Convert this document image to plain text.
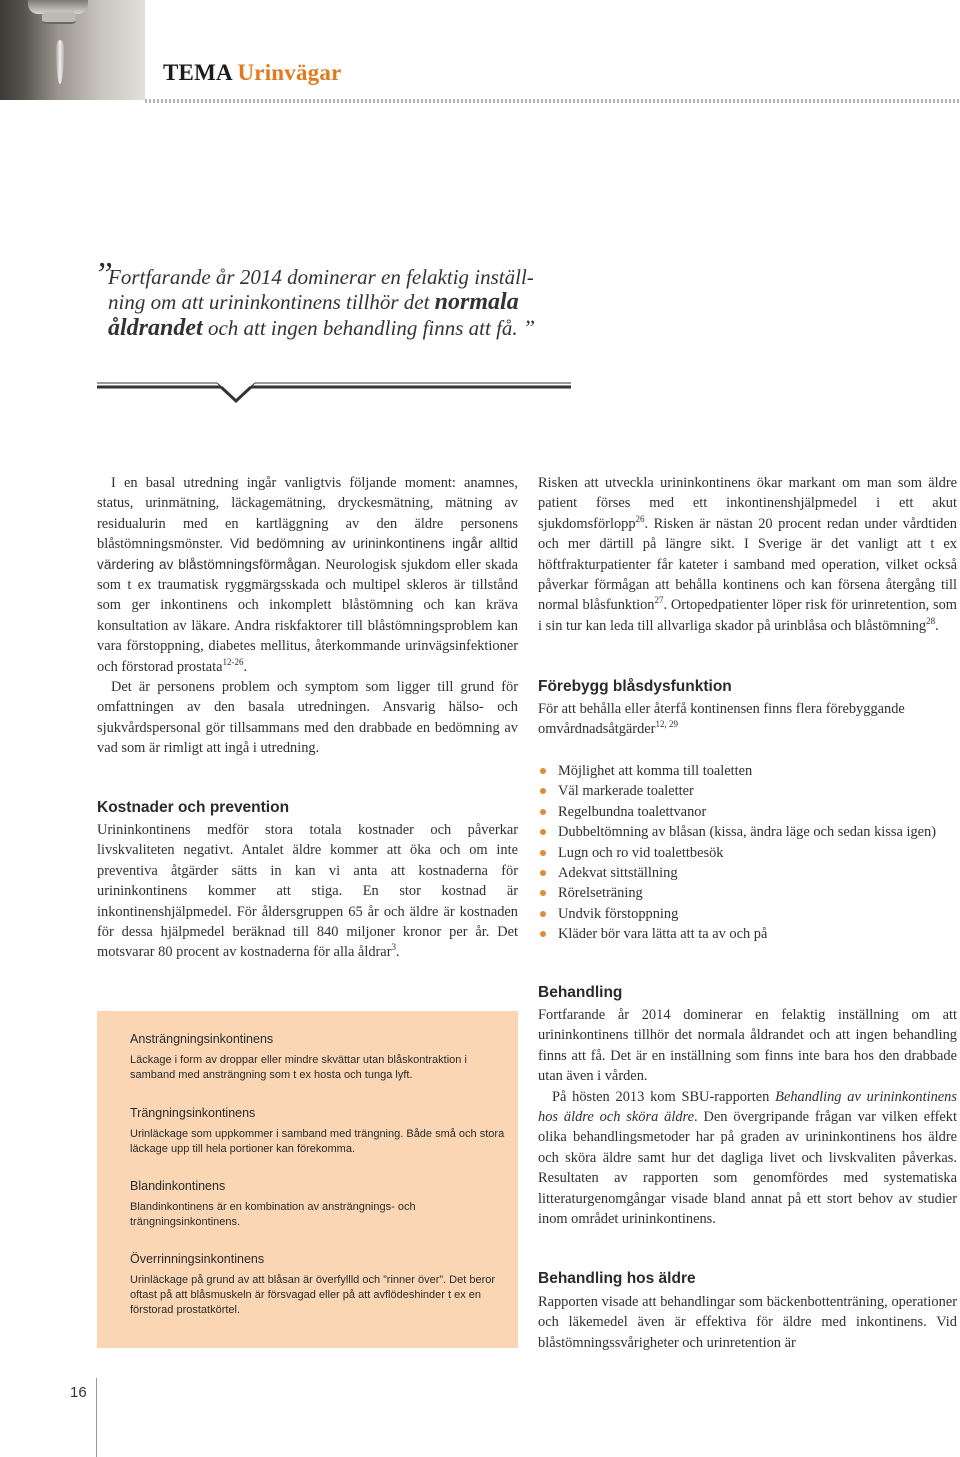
TEMA Urinvägar
”
Fortfarande år 2014 dominerar en felaktig inställ-
ning om att urininkontinens tillhör det normala
åldrandet och att ingen behandling finns att få. ”

I en basal utredning ingår vanligtvis följande moment: anamnes, status, urinmätning, läckagemätning, dryckesmätning, mätning av residualurin med en kartläggning av den äldre personens blåstömningsmönster. Vid bedömning av urininkontinens ingår alltid värdering av blåstömningsförmågan. Neurologisk sjukdom eller skada som t ex traumatisk ryggmärgsskada och multipel skleros är tillstånd som ger inkontinens och inkomplett blåstömning och kan kräva konsultation av läkare. Andra riskfaktorer till blåstömningsproblem kan vara förstoppning, diabetes mellitus, återkommande urinvägsinfektioner och förstorad prostata$^{12-26}$.

Det är personens problem och symptom som ligger till grund för omfattningen av den basala utredningen. Ansvarig hälso- och sjukvårdspersonal gör tillsammans med den drabbade en bedömning av vad som är rimligt att ingå i utredning.

Kostnader och prevention

Urininkontinens medför stora totala kostnader och påverkar livskvaliteten negativt. Antalet äldre kommer att öka och om inte preventiva åtgärder sätts in kan vi anta att kostnaderna för urininkontinens kommer att stiga. En stor kostnad är inkontinenshjälpmedel. För åldersgruppen 65 år och äldre är kostnaden för dessa hjälpmedel beräknad till 840 miljoner kronor per år. Det motsvarar 80 procent av kostnaderna för alla åldrar$^3$.

Ansträngningsinkontinens

Läckage i form av droppar eller mindre skvättar utan blåskontraktion i samband med ansträngning som t ex hosta och tunga lyft.

Trängningsinkontinens

Urinläckage som uppkommer i samband med trängning. Både små och stora läckage upp till hela portioner kan förekomma.

Blandinkontinens

Blandinkontinens är en kombination av ansträngnings- och trängningsinkontinens.

Överrinningsinkontinens

Urinläckage på grund av att blåsan är överfyllld och ”rinner över”. Det beror oftast på att blåsmuskeln är försvagad eller på att avflödeshinder t ex en förstorad prostatkörtel.

Risken att utveckla urininkontinens ökar markant om man som äldre patient förses med ett inkontinenshjälpmedel i ett akut sjukdomsförlopp$^{26}$. Risken är nästan 20 procent redan under vårdtiden och mer därtill på längre sikt. I Sverige är det vanligt att t ex höftfrakturpatienter får kateter i samband med operation, vilket också påverkar förmågan att behålla kontinens och kan försena återgång till normal blåsfunktion$^{27}$. Ortopedpatienter löper risk för urinretention, som i sin tur kan leda till allvarliga skador på urinblåsa och blåstömning$^{28}$.

Förebygg blåsdysfunktion

För att behålla eller återfå kontinensen finns flera förebyggande omvårdnadsåtgärder$^{12, 29}$

Möjlighet att komma till toaletten
Väl markerade toaletter
Regelbundna toalettvanor
Dubbeltömning av blåsan (kissa, ändra läge och sedan kissa igen)
Lugn och ro vid toalettbesök
Adekvat sittställning
Rörelseträning
Undvik förstoppning
Kläder bör vara lätta att ta av och på
Behandling

Fortfarande år 2014 dominerar en felaktig inställning om att urininkontinens tillhör det normala åldrandet och att ingen behandling finns att få. Det är en inställning som finns inte bara hos den drabbade utan även i vården.

På hösten 2013 kom SBU-rapporten Behandling av urininkontinens hos äldre och sköra äldre. Den övergripande frågan var vilken effekt olika behandlingsmetoder har på graden av urininkontinens hos äldre och sköra äldre samt hur det dagliga livet och livskvaliten påverkas. Resultaten av rapporten som genomfördes med systematiska litteraturgenomgångar visade bland annat på ett stort behov av studier inom området urininkontinens.

Behandling hos äldre

Rapporten visade att behandlingar som bäckenbottenträning, operationer och läkemedel även är effektiva för äldre med inkontinens. Vid blåstömningssvårigheter och urinretention är

16
